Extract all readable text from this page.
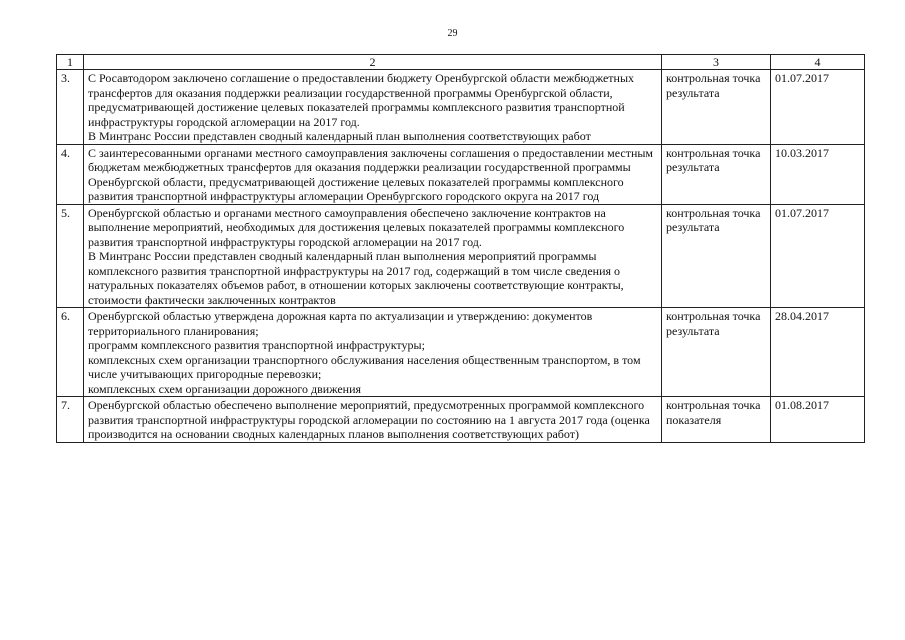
29
1	2	3	4
3.	С Росавтодором заключено соглашение о предоставлении бюджету Оренбургской области межбюджетных трансфертов для оказания поддержки реализации государственной программы Оренбургской области, предусматривающей достижение целевых показателей программы комплексного развития транспортной инфраструктуры городской агломерации на 2017 год.
В Минтранс России представлен сводный календарный план выполнения соответствующих работ	контрольная точка результата	01.07.2017
4.	С заинтересованными органами местного самоуправления заключены соглашения о предоставлении местным бюджетам межбюджетных трансфертов для оказания поддержки реализации государственной программы Оренбургской области, предусматривающей достижение целевых показателей программы комплексного развития транспортной инфраструктуры агломерации Оренбургского городского округа на 2017 год	контрольная точка результата	10.03.2017
5.	Оренбургской областью и органами местного самоуправления обеспечено заключение контрактов на выполнение мероприятий, необходимых для достижения целевых показателей программы комплексного развития транспортной инфраструктуры городской агломерации на 2017 год.
В Минтранс России представлен сводный календарный план выполнения мероприятий программы комплексного развития транспортной инфраструктуры на 2017 год, содержащий в том числе сведения о натуральных показателях объемов работ, в отношении которых заключены соответствующие контракты, стоимости фактически заключенных контрактов	контрольная точка результата	01.07.2017
6.	Оренбургской областью утверждена дорожная карта по актуализации и утверждению: документов территориального планирования;
программ комплексного развития транспортной инфраструктуры;
комплексных схем организации транспортного обслуживания населения общественным транспортом, в том числе учитывающих пригородные перевозки;
комплексных схем организации дорожного движения	контрольная точка результата	28.04.2017
7.	Оренбургской областью обеспечено выполнение мероприятий, предусмотренных программой комплексного развития транспортной инфраструктуры городской агломерации по состоянию на 1 августа 2017 года (оценка производится на основании сводных календарных планов выполнения соответствующих работ)	контрольная точка показателя	01.08.2017
